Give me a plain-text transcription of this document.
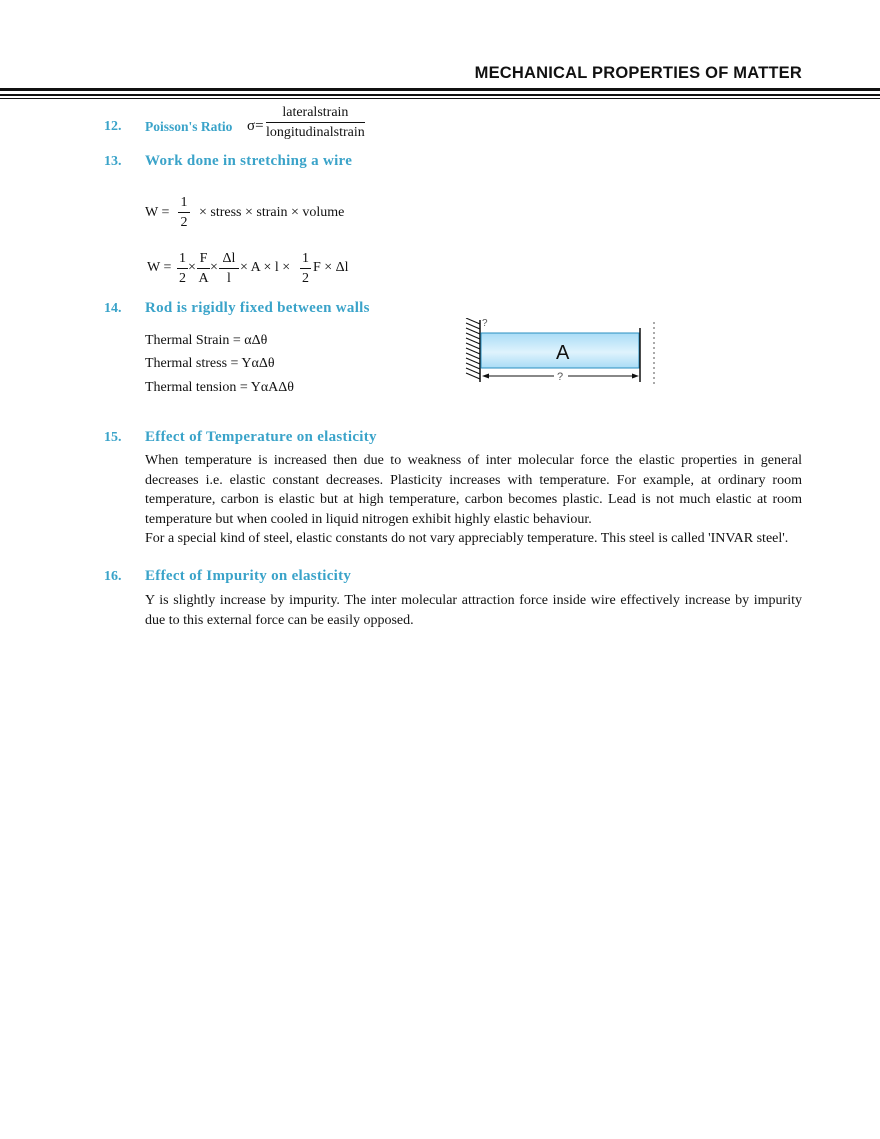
MECHANICAL PROPERTIES OF MATTER
12. Poisson's Ratio σ=
lateralstrain
longitudinalstrain
13. Work done in stretching a wire
W =
1
2
× stress × strain × volume
W =
1
2
×
F
A
×
Δl
l
× A × l ×
1
2
F × Δl
14. Rod is rigidly fixed between walls
Thermal Strain = αΔθ
Thermal stress = YαΔθ
Thermal tension = YαAΔθ
?
A
?
15. Effect of Temperature on elasticity

When temperature is increased then due to weakness of inter molecular force the elastic properties in general decreases i.e. elastic constant decreases. Plasticity increases with temperature. For example, at ordinary room temperature, carbon is elastic but at high temperature, carbon becomes plastic. Lead is not much elastic at room temperature but when cooled in liquid nitrogen exhibit highly elastic behaviour.

For a special kind of steel, elastic constants do not vary appreciably temperature. This steel is called 'INVAR steel'.

16. Effect of Impurity on elasticity

Y is slightly increase by impurity. The inter molecular attraction force inside wire effectively increase by impurity due to this external force can be easily opposed.
